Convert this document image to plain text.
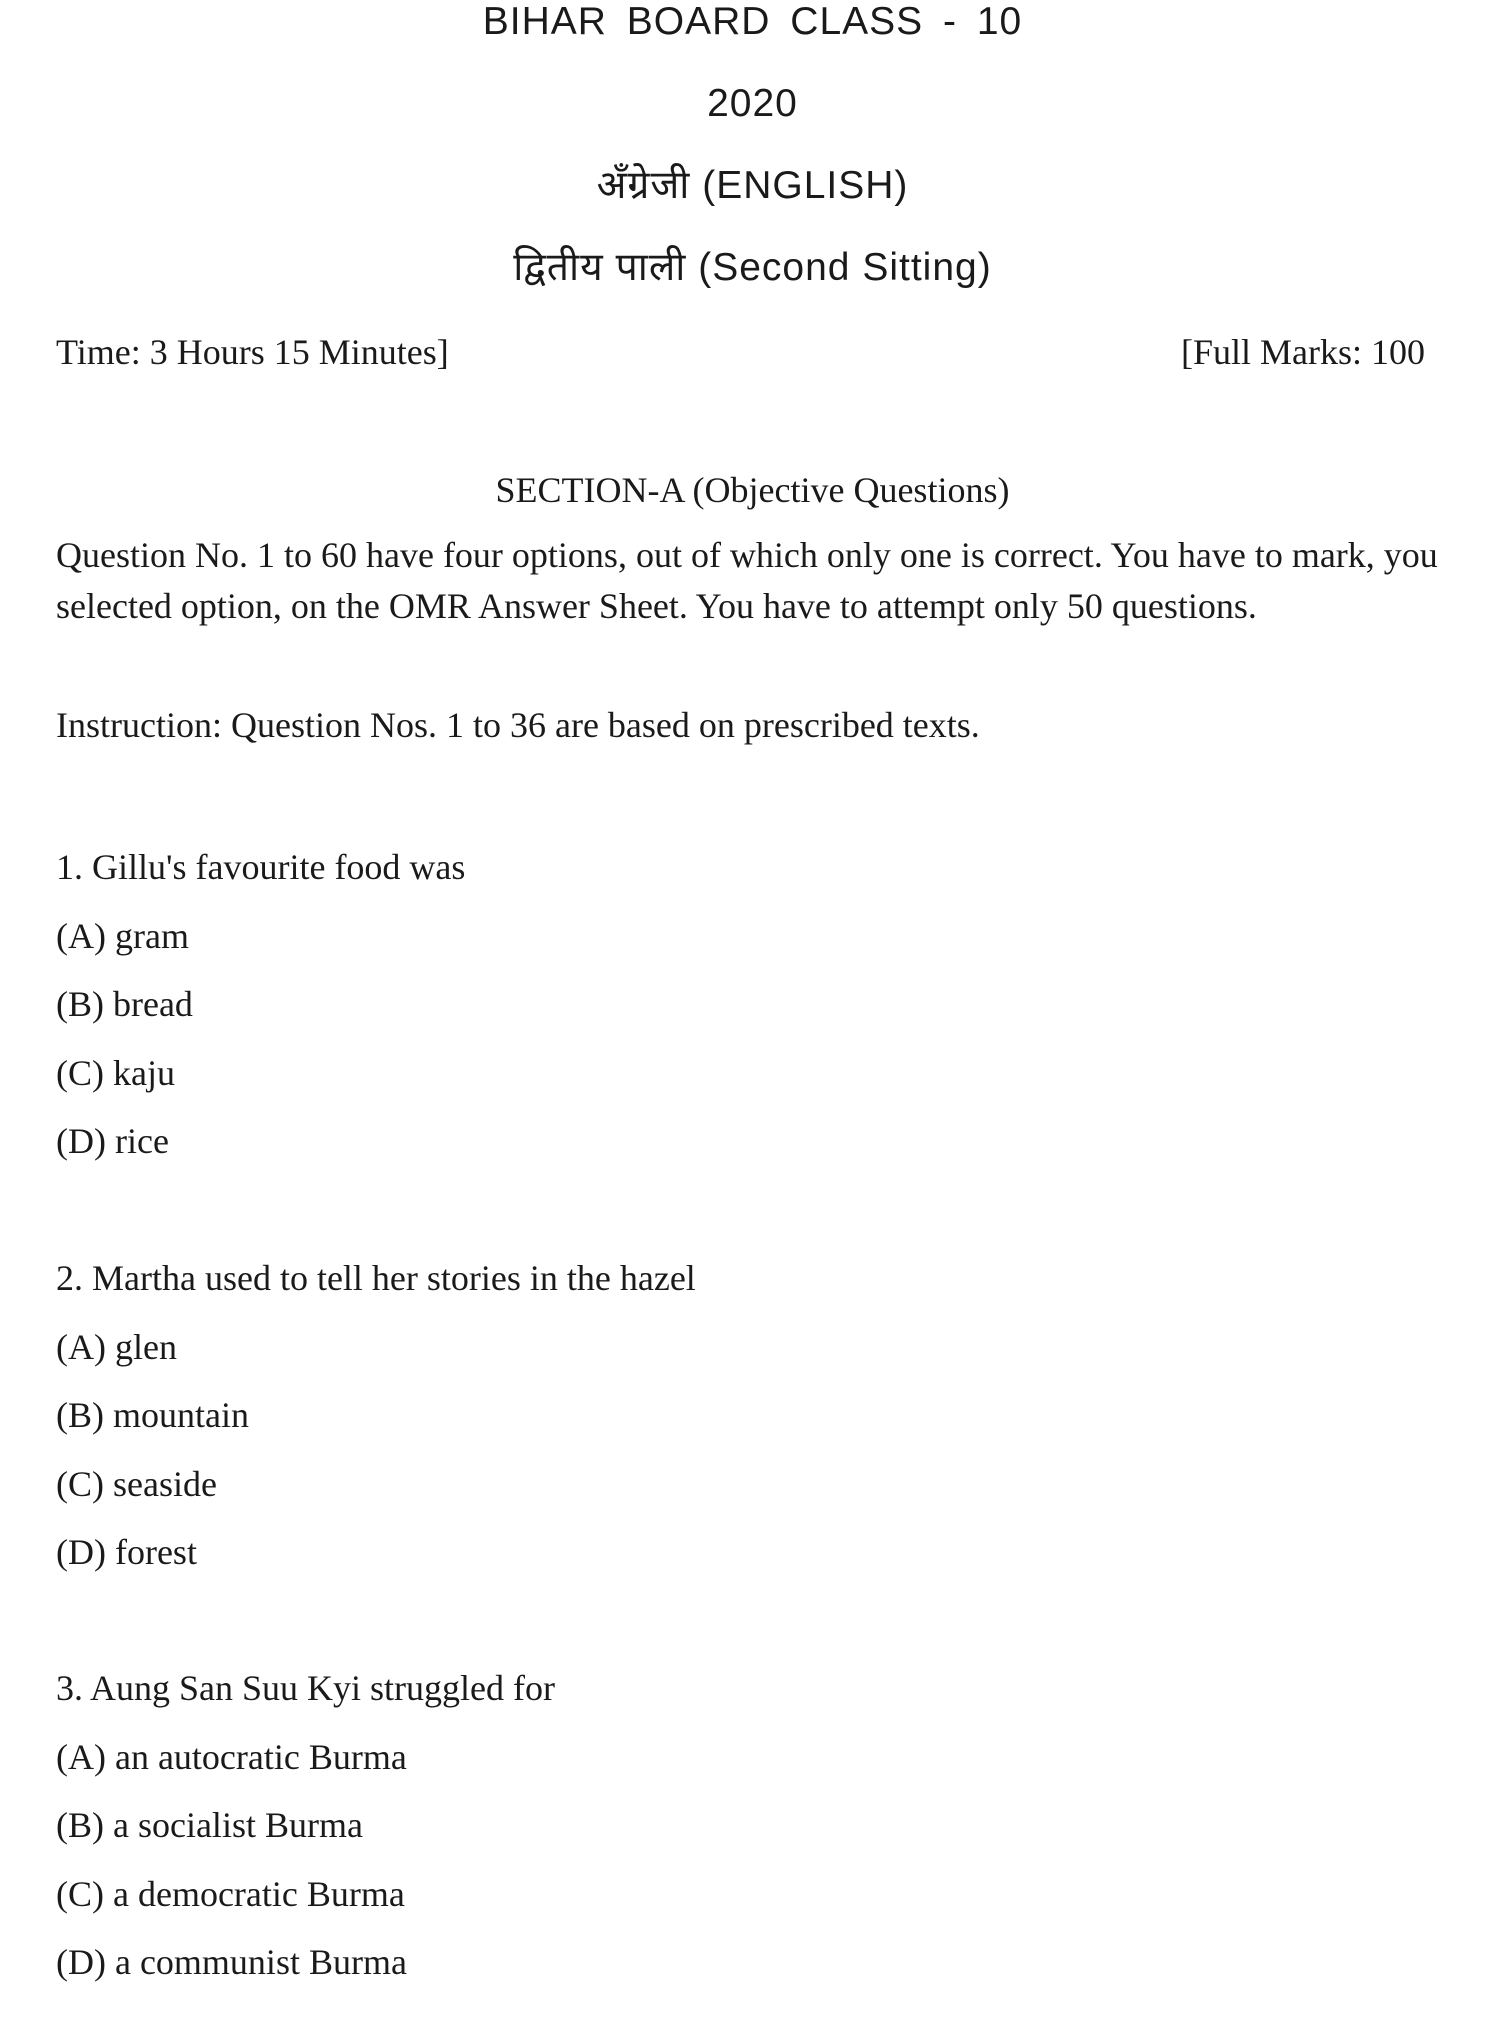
BIHAR BOARD CLASS - 10
2020
अँग्रेजी (ENGLISH)
द्वितीय पाली (Second Sitting)
Time: 3 Hours 15 Minutes]	[Full Marks: 100
SECTION-A (Objective Questions)
Question No. 1 to 60 have four options, out of which only one is correct. You have to mark, you selected option, on the OMR Answer Sheet. You have to attempt only 50 questions.
Instruction: Question Nos. 1 to 36 are based on prescribed texts.
1. Gillu's favourite food was
(A) gram
(B) bread
(C) kaju
(D) rice
2. Martha used to tell her stories in the hazel
(A) glen
(B) mountain
(C) seaside
(D) forest
3. Aung San Suu Kyi struggled for
(A) an autocratic Burma
(B) a socialist Burma
(C) a democratic Burma
(D) a communist Burma
